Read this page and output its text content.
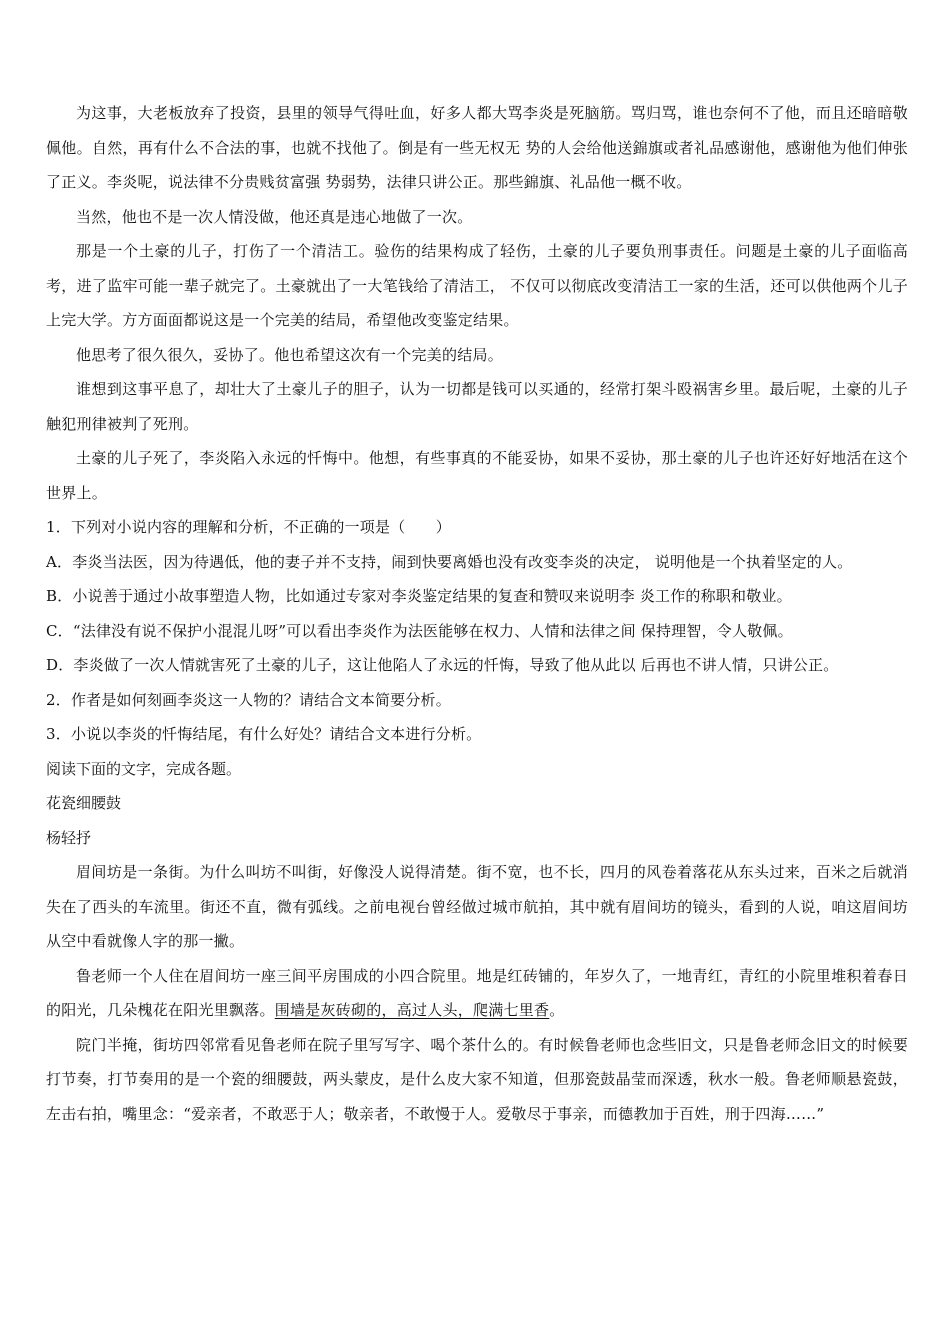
为这事，大老板放弃了投资，县里的领导气得吐血，好多人都大骂李炎是死脑筋。骂归骂，谁也奈何不了他，而且还暗暗敬佩他。自然，再有什么不合法的事，也就不找他了。倒是有一些无权无 势的人会给他送錦旗或者礼品感谢他，感谢他为他们伸张了正义。李炎呢，说法律不分贵贱贫富强 势弱势，法律只讲公正。那些錦旗、礼品他一概不收。

当然，他也不是一次人情没做，他还真是违心地做了一次。

那是一个土豪的儿子，打伤了一个清洁工。验伤的结果构成了轻伤，土豪的儿子要负刑事责任。问题是土豪的儿子面临高考，进了监牢可能一辈子就完了。土豪就出了一大笔钱给了清洁工， 不仅可以彻底改变清洁工一家的生活，还可以供他两个儿子上完大学。方方面面都说这是一个完美的结局，希望他改变鉴定结果。

他思考了很久很久，妥协了。他也希望这次有一个完美的结局。

谁想到这事平息了，却壮大了土豪儿子的胆子，认为一切都是钱可以买通的，经常打架斗殴祸害乡里。最后呢，土豪的儿子触犯刑律被判了死刑。

土豪的儿子死了，李炎陷入永远的忏悔中。他想，有些事真的不能妥协，如果不妥协，那土豪的儿子也许还好好地活在这个世界上。

1．下列对小说内容的理解和分析，不正确的一项是（　　）

A．李炎当法医，因为待遇低，他的妻子并不支持，闹到快要离婚也没有改变李炎的决定， 说明他是一个执着坚定的人。

B．小说善于通过小故事塑造人物，比如通过专家对李炎鉴定结果的复查和赞叹来说明李 炎工作的称职和敬业。

C．“法律没有说不保护小混混儿呀”可以看出李炎作为法医能够在权力、人情和法律之间 保持理智，令人敬佩。

D．李炎做了一次人情就害死了土豪的儿子，这让他陷人了永远的忏悔，导致了他从此以 后再也不讲人情，只讲公正。

2．作者是如何刻画李炎这一人物的？请结合文本简要分析。

3．小说以李炎的忏悔结尾，有什么好处？请结合文本进行分析。

阅读下面的文字，完成各题。

花瓷细腰鼓

杨轻抒

眉间坊是一条街。为什么叫坊不叫街，好像没人说得清楚。街不宽，也不长，四月的风卷着落花从东头过来，百米之后就消失在了西头的车流里。街还不直，微有弧线。之前电视台曾经做过城市航拍，其中就有眉间坊的镜头，看到的人说，咱这眉间坊从空中看就像人字的那一撇。

鲁老师一个人住在眉间坊一座三间平房围成的小四合院里。地是红砖铺的，年岁久了，一地青红，青红的小院里堆积着春日的阳光，几朵槐花在阳光里飘落。围墙是灰砖砌的，高过人头，爬满七里香。

院门半掩，街坊四邻常看见鲁老师在院子里写写字、喝个茶什么的。有时候鲁老师也念些旧文，只是鲁老师念旧文的时候要打节奏，打节奏用的是一个瓷的细腰鼓，两头蒙皮，是什么皮大家不知道，但那瓷鼓晶莹而深透，秋水一般。鲁老师顺悬瓷鼓，左击右拍，嘴里念：“爱亲者，不敢恶于人；敬亲者，不敢慢于人。爱敬尽于事亲，而德教加于百姓，刑于四海……”
